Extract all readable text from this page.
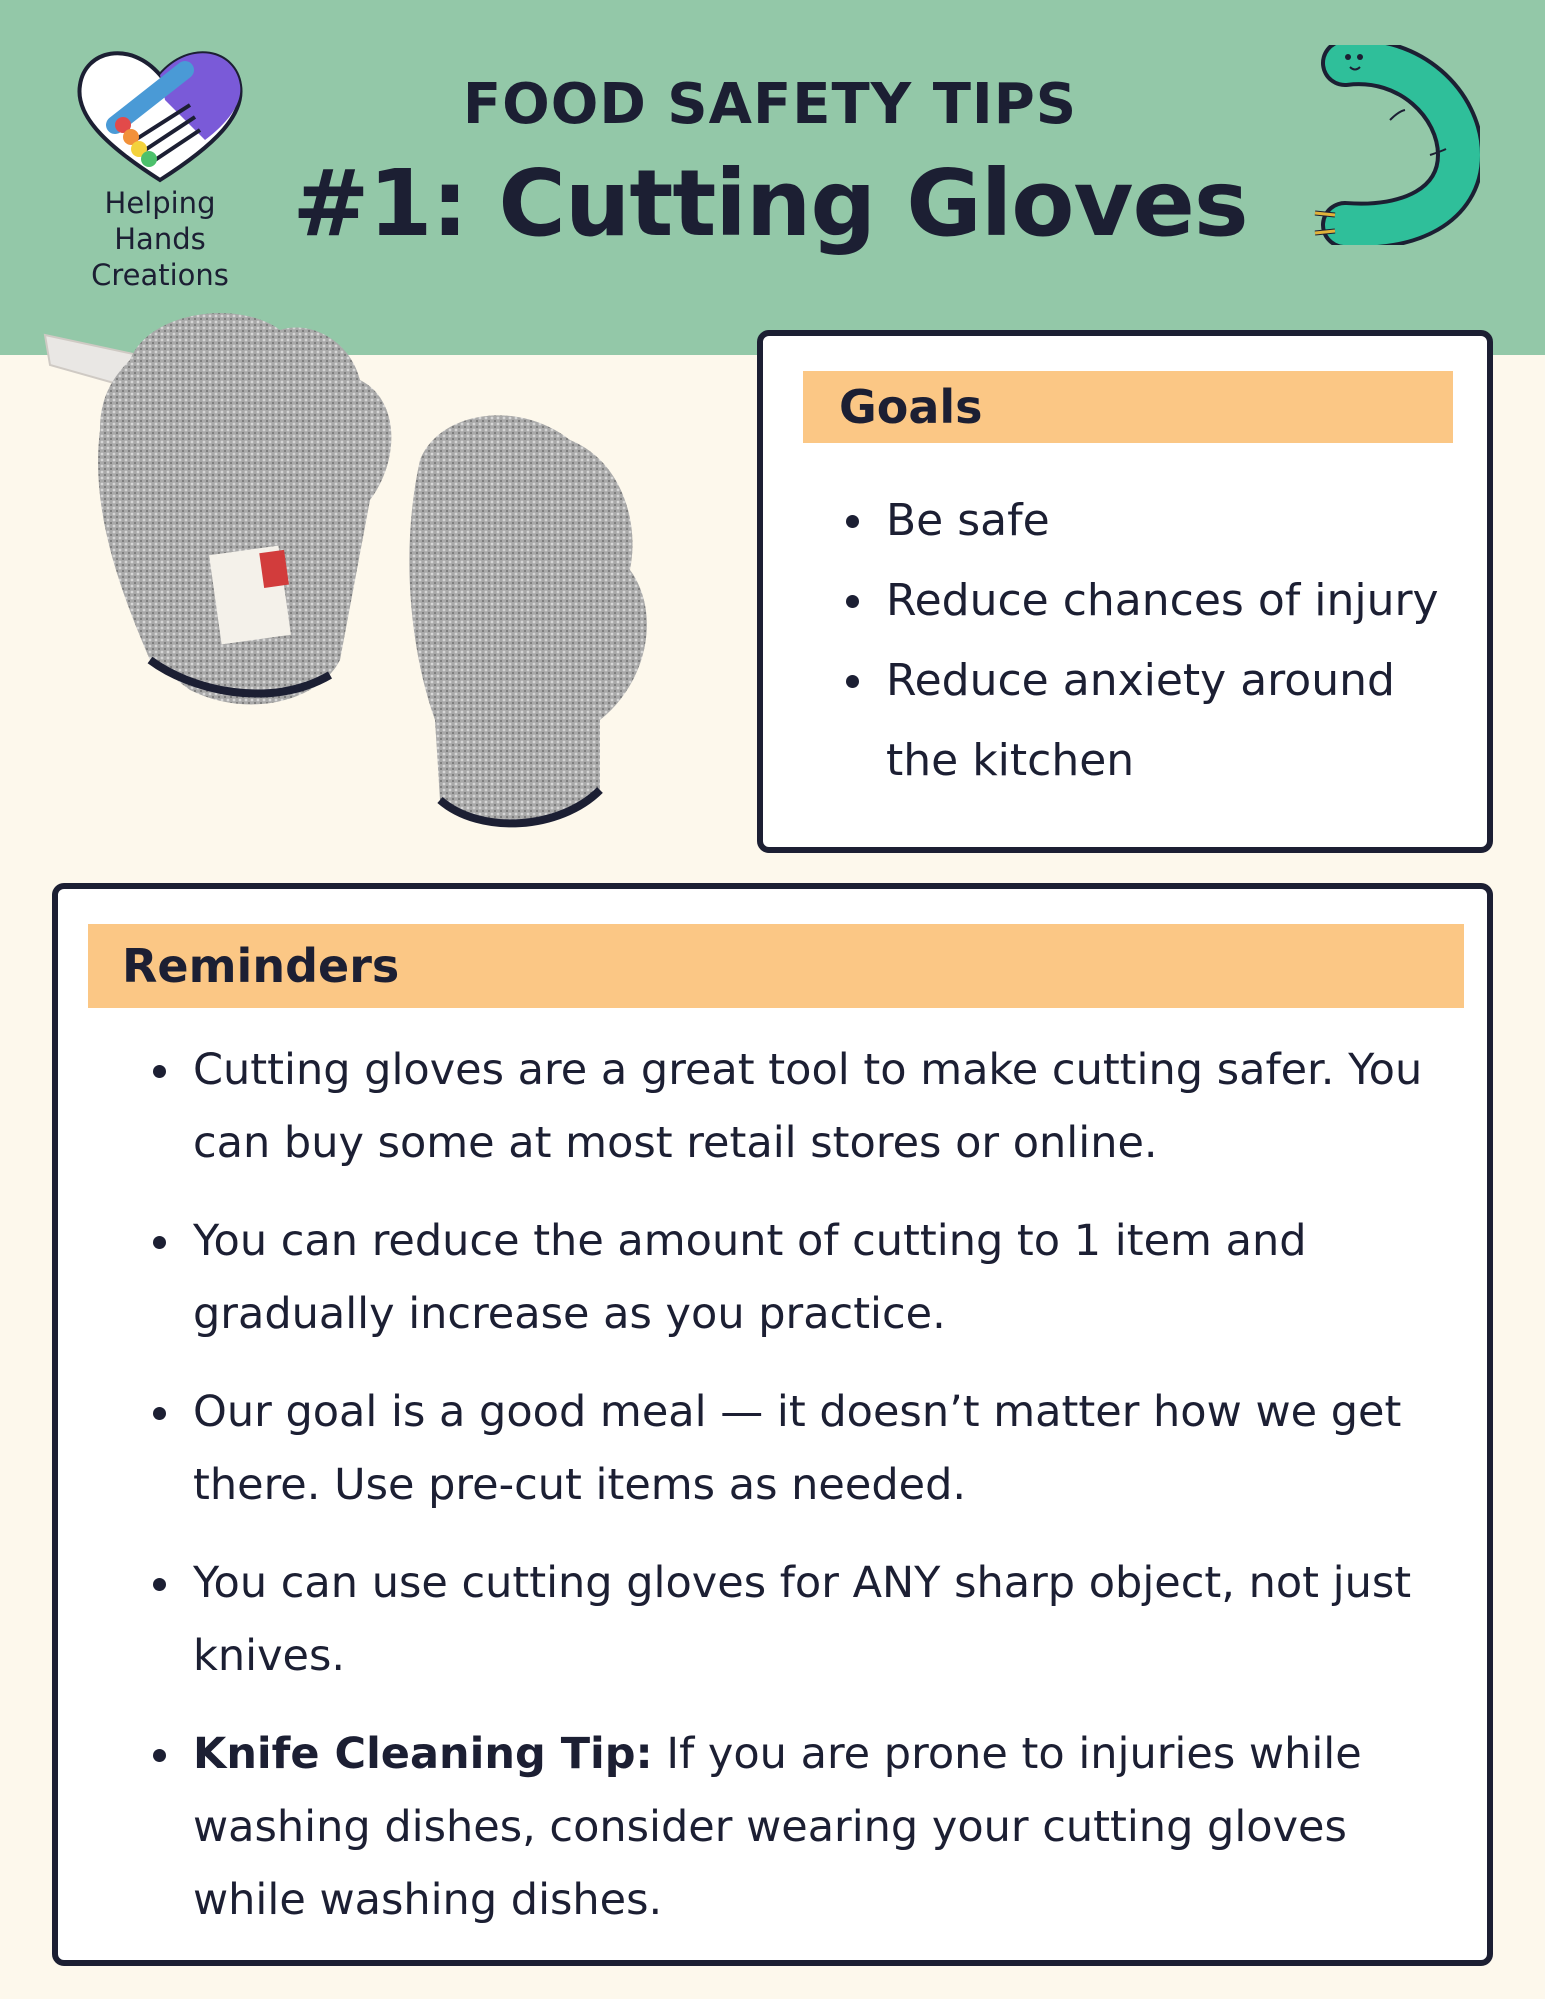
Helping Hands
Creations
FOOD SAFETY TIPS
#1: Cutting Gloves
Goals
Be safe
Reduce chances of injury
Reduce anxiety around the kitchen
Reminders
Cutting gloves are a great tool to make cutting safer. You can buy some at most retail stores or online.
You can reduce the amount of cutting to 1 item and gradually increase as you practice.
Our goal is a good meal — it doesn’t matter how we get there. Use pre-cut items as needed.
You can use cutting gloves for ANY sharp object, not just knives.
Knife Cleaning Tip: If you are prone to injuries while washing dishes, consider wearing your cutting gloves while washing dishes.
